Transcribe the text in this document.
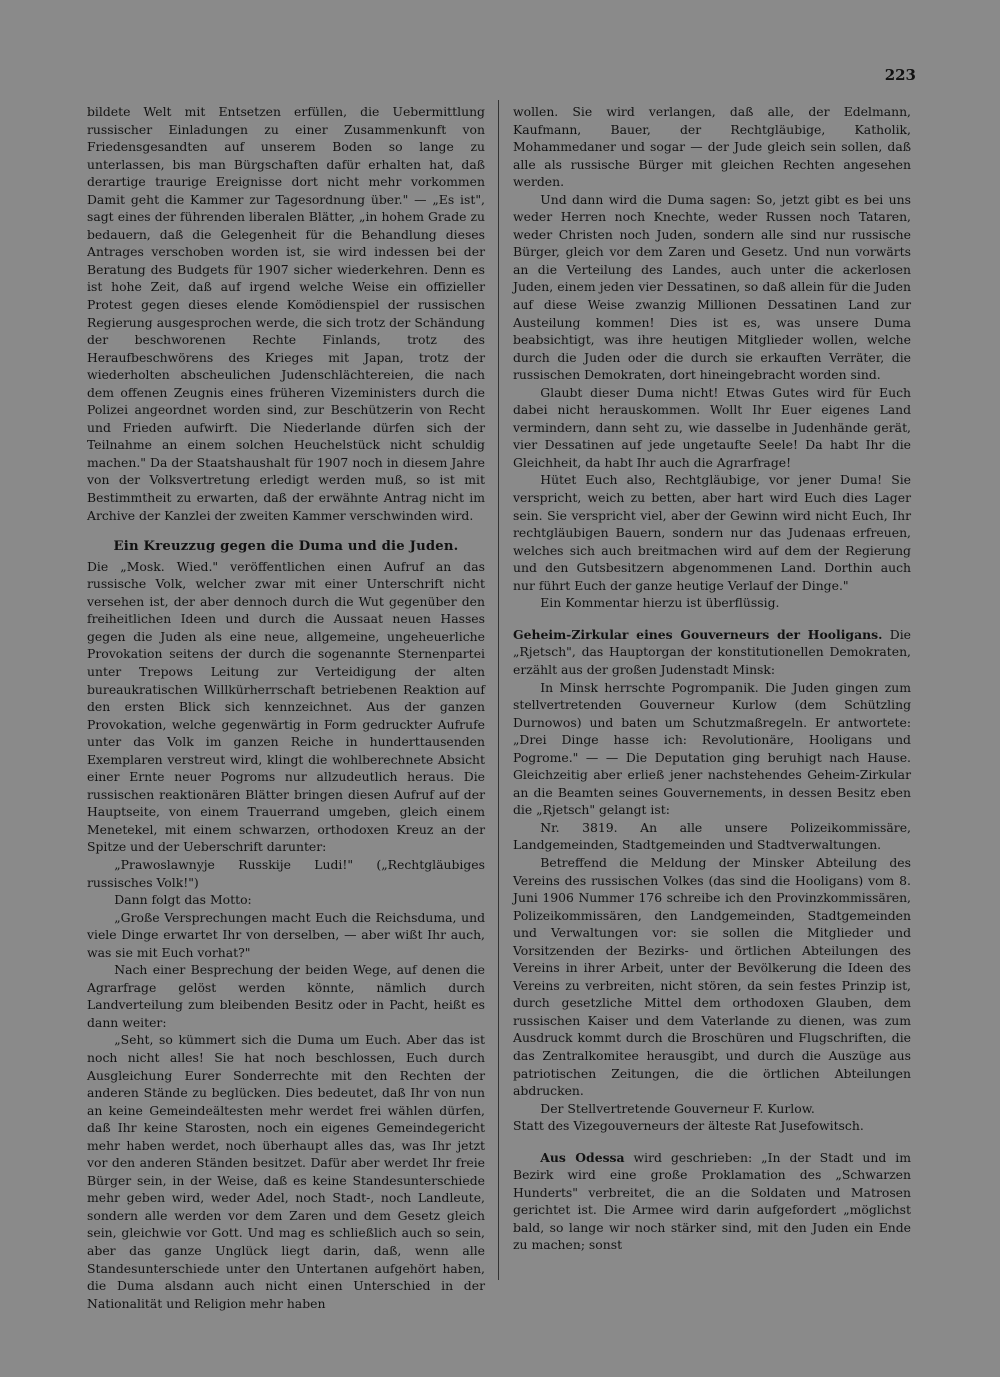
223

bildete Welt mit Entsetzen erfüllen, die Uebermittlung russischer Einladungen zu einer Zusammenkunft von Friedensgesandten auf unserem Boden so lange zu unterlassen, bis man Bürgschaften dafür erhalten hat, daß derartige traurige Ereignisse dort nicht mehr vorkommen Damit geht die Kammer zur Tagesordnung über." — „Es ist", sagt eines der führenden liberalen Blätter, „in hohem Grade zu bedauern, daß die Gelegenheit für die Behandlung dieses Antrages verschoben worden ist, sie wird indessen bei der Beratung des Budgets für 1907 sicher wiederkehren. Denn es ist hohe Zeit, daß auf irgend welche Weise ein offizieller Protest gegen dieses elende Komödienspiel der russischen Regierung ausgesprochen werde, die sich trotz der Schändung der beschworenen Rechte Finlands, trotz des Heraufbeschwörens des Krieges mit Japan, trotz der wiederholten abscheulichen Judenschlächtereien, die nach dem offenen Zeugnis eines früheren Vizeministers durch die Polizei angeordnet worden sind, zur Beschützerin von Recht und Frieden aufwirft. Die Niederlande dürfen sich der Teilnahme an einem solchen Heuchelstück nicht schuldig machen." Da der Staatshaushalt für 1907 noch in diesem Jahre von der Volksvertretung erledigt werden muß, so ist mit Bestimmtheit zu erwarten, daß der erwähnte Antrag nicht im Archive der Kanzlei der zweiten Kammer verschwinden wird.

Ein Kreuzzug gegen die Duma und die Juden.

Die „Mosk. Wied." veröffentlichen einen Aufruf an das russische Volk, welcher zwar mit einer Unterschrift nicht versehen ist, der aber dennoch durch die Wut gegenüber den freiheitlichen Ideen und durch die Aussaat neuen Hasses gegen die Juden als eine neue, allgemeine, ungeheuerliche Provokation seitens der durch die sogenannte Sternenpartei unter Trepows Leitung zur Verteidigung der alten bureaukratischen Willkürherrschaft betriebenen Reaktion auf den ersten Blick sich kennzeichnet. Aus der ganzen Provokation, welche gegenwärtig in Form gedruckter Aufrufe unter das Volk im ganzen Reiche in hunderttausenden Exemplaren verstreut wird, klingt die wohlberechnete Absicht einer Ernte neuer Pogroms nur allzudeutlich heraus. Die russischen reaktionären Blätter bringen diesen Aufruf auf der Hauptseite, von einem Trauerrand umgeben, gleich einem Menetekel, mit einem schwarzen, orthodoxen Kreuz an der Spitze und der Ueberschrift darunter:

„Prawoslawnyje Russkije Ludi!" („Rechtgläubiges russisches Volk!")

Dann folgt das Motto:

„Große Versprechungen macht Euch die Reichsduma, und viele Dinge erwartet Ihr von derselben, — aber wißt Ihr auch, was sie mit Euch vorhat?"

Nach einer Besprechung der beiden Wege, auf denen die Agrarfrage gelöst werden könnte, nämlich durch Landverteilung zum bleibenden Besitz oder in Pacht, heißt es dann weiter:

„Seht, so kümmert sich die Duma um Euch. Aber das ist noch nicht alles! Sie hat noch beschlossen, Euch durch Ausgleichung Eurer Sonderrechte mit den Rechten der anderen Stände zu beglücken. Dies bedeutet, daß Ihr von nun an keine Gemeindeältesten mehr werdet frei wählen dürfen, daß Ihr keine Starosten, noch ein eigenes Gemeindegericht mehr haben werdet, noch überhaupt alles das, was Ihr jetzt vor den anderen Ständen besitzet. Dafür aber werdet Ihr freie Bürger sein, in der Weise, daß es keine Standesunterschiede mehr geben wird, weder Adel, noch Stadt-, noch Landleute, sondern alle werden vor dem Zaren und dem Gesetz gleich sein, gleichwie vor Gott. Und mag es schließlich auch so sein, aber das ganze Unglück liegt darin, daß, wenn alle Standesunterschiede unter den Untertanen aufgehört haben, die Duma alsdann auch nicht einen Unterschied in der Nationalität und Religion mehr haben

wollen. Sie wird verlangen, daß alle, der Edelmann, Kaufmann, Bauer, der Rechtgläubige, Katholik, Mohammedaner und sogar — der Jude gleich sein sollen, daß alle als russische Bürger mit gleichen Rechten angesehen werden.

Und dann wird die Duma sagen: So, jetzt gibt es bei uns weder Herren noch Knechte, weder Russen noch Tataren, weder Christen noch Juden, sondern alle sind nur russische Bürger, gleich vor dem Zaren und Gesetz. Und nun vorwärts an die Verteilung des Landes, auch unter die ackerlosen Juden, einem jeden vier Dessatinen, so daß allein für die Juden auf diese Weise zwanzig Millionen Dessatinen Land zur Austeilung kommen! Dies ist es, was unsere Duma beabsichtigt, was ihre heutigen Mitglieder wollen, welche durch die Juden oder die durch sie erkauften Verräter, die russischen Demokraten, dort hineingebracht worden sind.

Glaubt dieser Duma nicht! Etwas Gutes wird für Euch dabei nicht herauskommen. Wollt Ihr Euer eigenes Land vermindern, dann seht zu, wie dasselbe in Judenhände gerät, vier Dessatinen auf jede ungetaufte Seele! Da habt Ihr die Gleichheit, da habt Ihr auch die Agrarfrage!

Hütet Euch also, Rechtgläubige, vor jener Duma! Sie verspricht, weich zu betten, aber hart wird Euch dies Lager sein. Sie verspricht viel, aber der Gewinn wird nicht Euch, Ihr rechtgläubigen Bauern, sondern nur das Judenaas erfreuen, welches sich auch breitmachen wird auf dem der Regierung und den Gutsbesitzern abgenommenen Land. Dorthin auch nur führt Euch der ganze heutige Verlauf der Dinge."

Ein Kommentar hierzu ist überflüssig.

Geheim-Zirkular eines Gouverneurs der Hooligans. Die „Rjetsch", das Hauptorgan der konstitutionellen Demokraten, erzählt aus der großen Judenstadt Minsk:

In Minsk herrschte Pogrompanik. Die Juden gingen zum stellvertretenden Gouverneur Kurlow (dem Schützling Durnowos) und baten um Schutzmaßregeln. Er antwortete: „Drei Dinge hasse ich: Revolutionäre, Hooligans und Pogrome." — — Die Deputation ging beruhigt nach Hause. Gleichzeitig aber erließ jener nachstehendes Geheim-Zirkular an die Beamten seines Gouvernements, in dessen Besitz eben die „Rjetsch" gelangt ist:

Nr. 3819. An alle unsere Polizeikommissäre, Landgemeinden, Stadtgemeinden und Stadtverwaltungen.

Betreffend die Meldung der Minsker Abteilung des Vereins des russischen Volkes (das sind die Hooligans) vom 8. Juni 1906 Nummer 176 schreibe ich den Provinzkommissären, Polizeikommissären, den Landgemeinden, Stadtgemeinden und Verwaltungen vor: sie sollen die Mitglieder und Vorsitzenden der Bezirks- und örtlichen Abteilungen des Vereins in ihrer Arbeit, unter der Bevölkerung die Ideen des Vereins zu verbreiten, nicht stören, da sein festes Prinzip ist, durch gesetzliche Mittel dem orthodoxen Glauben, dem russischen Kaiser und dem Vaterlande zu dienen, was zum Ausdruck kommt durch die Broschüren und Flugschriften, die das Zentralkomitee herausgibt, und durch die Auszüge aus patriotischen Zeitungen, die die örtlichen Abteilungen abdrucken.

Der Stellvertretende Gouverneur F. Kurlow.

Statt des Vizegouverneurs der älteste Rat Jusefowitsch.

Aus Odessa wird geschrieben: „In der Stadt und im Bezirk wird eine große Proklamation des „Schwarzen Hunderts" verbreitet, die an die Soldaten und Matrosen gerichtet ist. Die Armee wird darin aufgefordert „möglichst bald, so lange wir noch stärker sind, mit den Juden ein Ende zu machen; sonst
